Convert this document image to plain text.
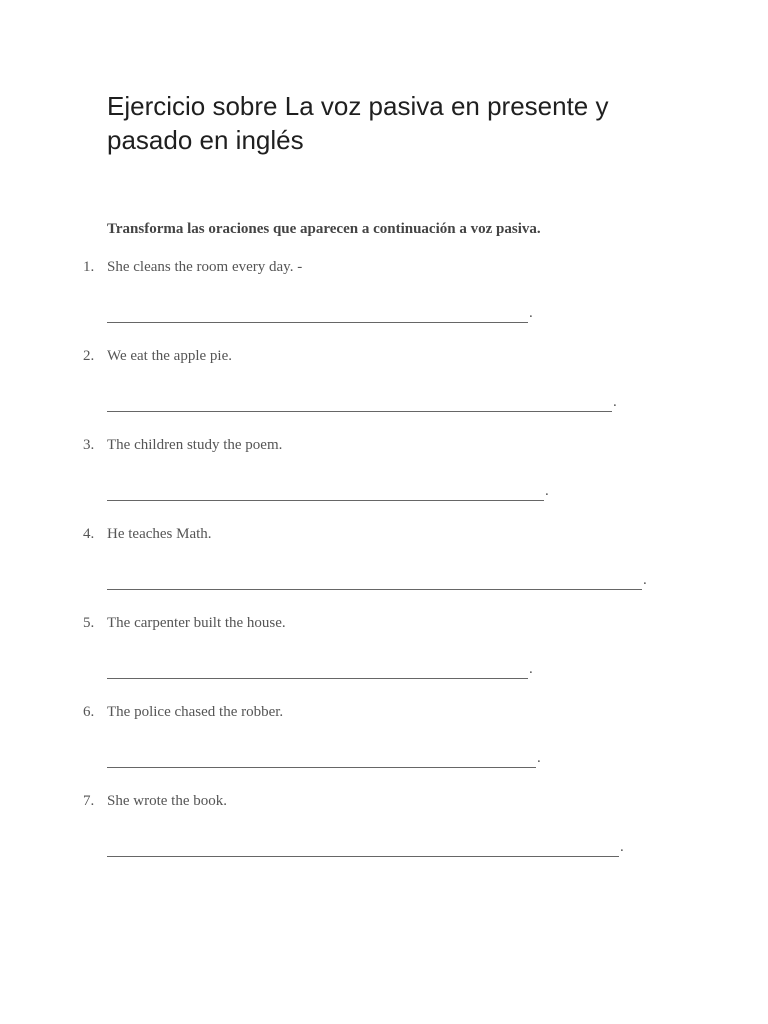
Ejercicio sobre La voz pasiva en presente y pasado en inglés

Transforma las oraciones que aparecen a continuación a voz pasiva.

1. She cleans the room every day. -
.
2. We eat the apple pie.
.
3. The children study the poem.
.
4. He teaches Math.
.
5. The carpenter built the house.
.
6. The police chased the robber.
.
7. She wrote the book.
.
